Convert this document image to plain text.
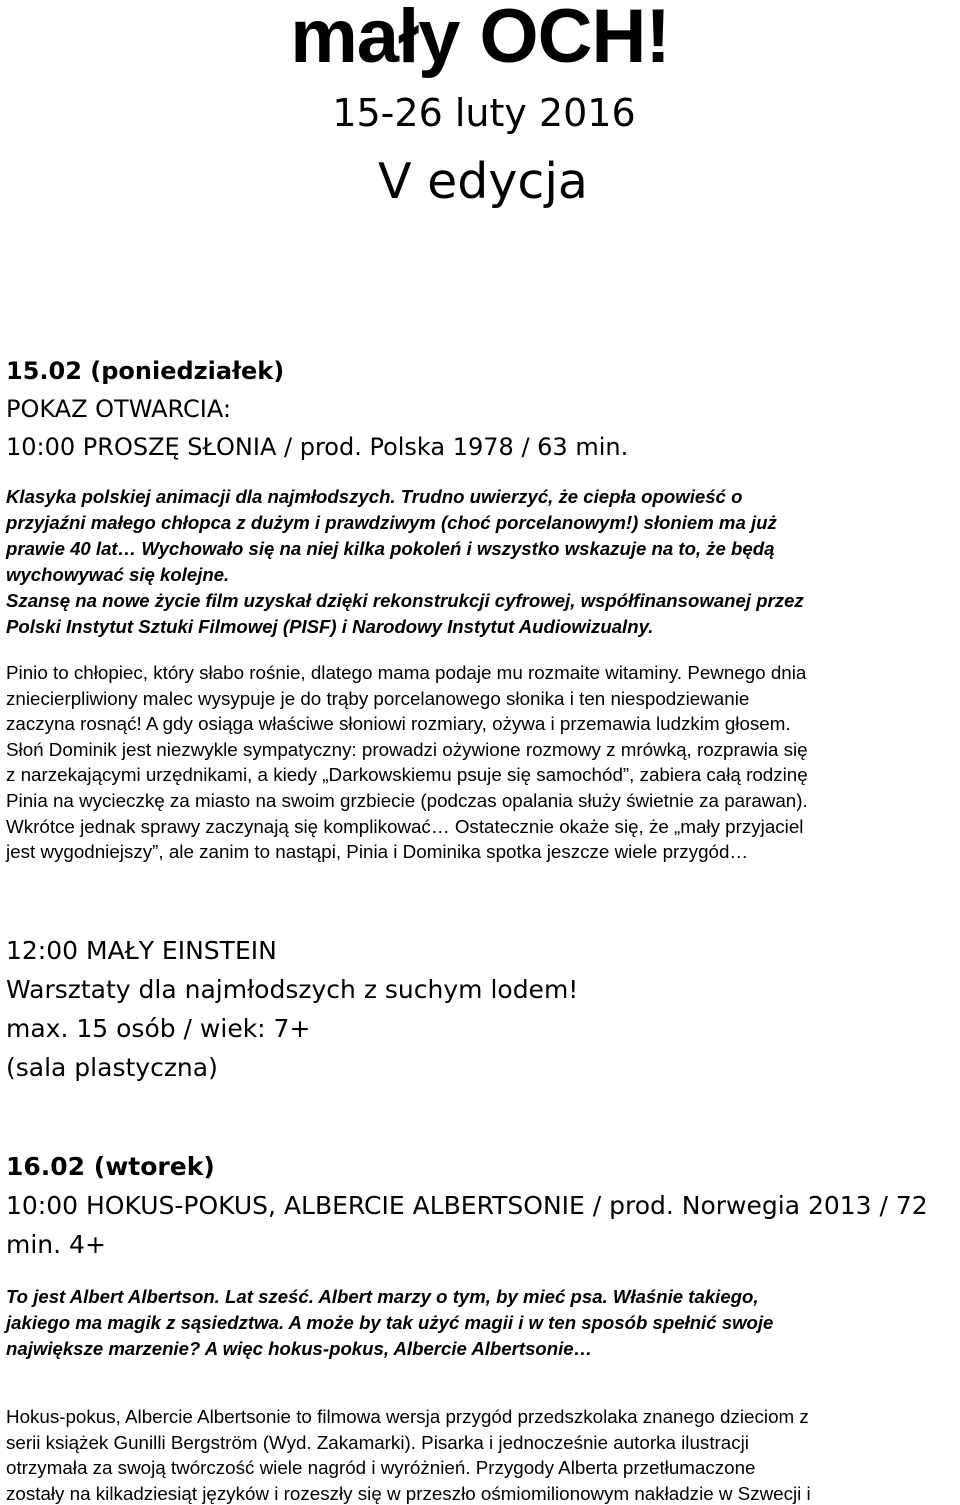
mały OCH!
15-26 luty 2016
V edycja
15.02 (poniedziałek)
POKAZ OTWARCIA:
10:00 PROSZĘ SŁONIA / prod. Polska 1978 / 63 min.
Klasyka polskiej animacji dla najmłodszych. Trudno uwierzyć, że ciepła opowieść o
przyjaźni małego chłopca z dużym i prawdziwym (choć porcelanowym!) słoniem ma już
prawie 40 lat… Wychowało się na niej kilka pokoleń i wszystko wskazuje na to, że będą
wychowywać się kolejne.
Szansę na nowe życie film uzyskał dzięki rekonstrukcji cyfrowej, współfinansowanej przez
Polski Instytut Sztuki Filmowej (PISF) i Narodowy Instytut Audiowizualny.
Pinio to chłopiec, który słabo rośnie, dlatego mama podaje mu rozmaite witaminy. Pewnego dnia
zniecierpliwiony malec wysypuje je do trąby porcelanowego słonika i ten niespodziewanie
zaczyna rosnąć! A gdy osiąga właściwe słoniowi rozmiary, ożywa i przemawia ludzkim głosem.
Słoń Dominik jest niezwykle sympatyczny: prowadzi ożywione rozmowy z mrówką, rozprawia się
z narzekającymi urzędnikami, a kiedy „Darkowskiemu psuje się samochód”, zabiera całą rodzinę
Pinia na wycieczkę za miasto na swoim grzbiecie (podczas opalania służy świetnie za parawan).
Wkrótce jednak sprawy zaczynają się komplikować… Ostatecznie okaże się, że „mały przyjaciel
jest wygodniejszy”, ale zanim to nastąpi, Pinia i Dominika spotka jeszcze wiele przygód…
12:00 MAŁY EINSTEIN
Warsztaty dla najmłodszych z suchym lodem!
max. 15 osób / wiek: 7+
(sala plastyczna)
16.02 (wtorek)
10:00 HOKUS-POKUS, ALBERCIE ALBERTSONIE / prod. Norwegia 2013 / 72
min. 4+
To jest Albert Albertson. Lat sześć. Albert marzy o tym, by mieć psa. Właśnie takiego,
jakiego ma magik z sąsiedztwa. A może by tak użyć magii i w ten sposób spełnić swoje
największe marzenie? A więc hokus-pokus, Albercie Albertsonie…
Hokus-pokus, Albercie Albertsonie to filmowa wersja przygód przedszkolaka znanego dzieciom z
serii książek Gunilli Bergström (Wyd. Zakamarki). Pisarka i jednocześnie autorka ilustracji
otrzymała za swoją twórczość wiele nagród i wyróżnień. Przygody Alberta przetłumaczone
zostały na kilkadziesiąt języków i rozeszły się w przeszło ośmiomilionowym nakładzie w Szwecji i
